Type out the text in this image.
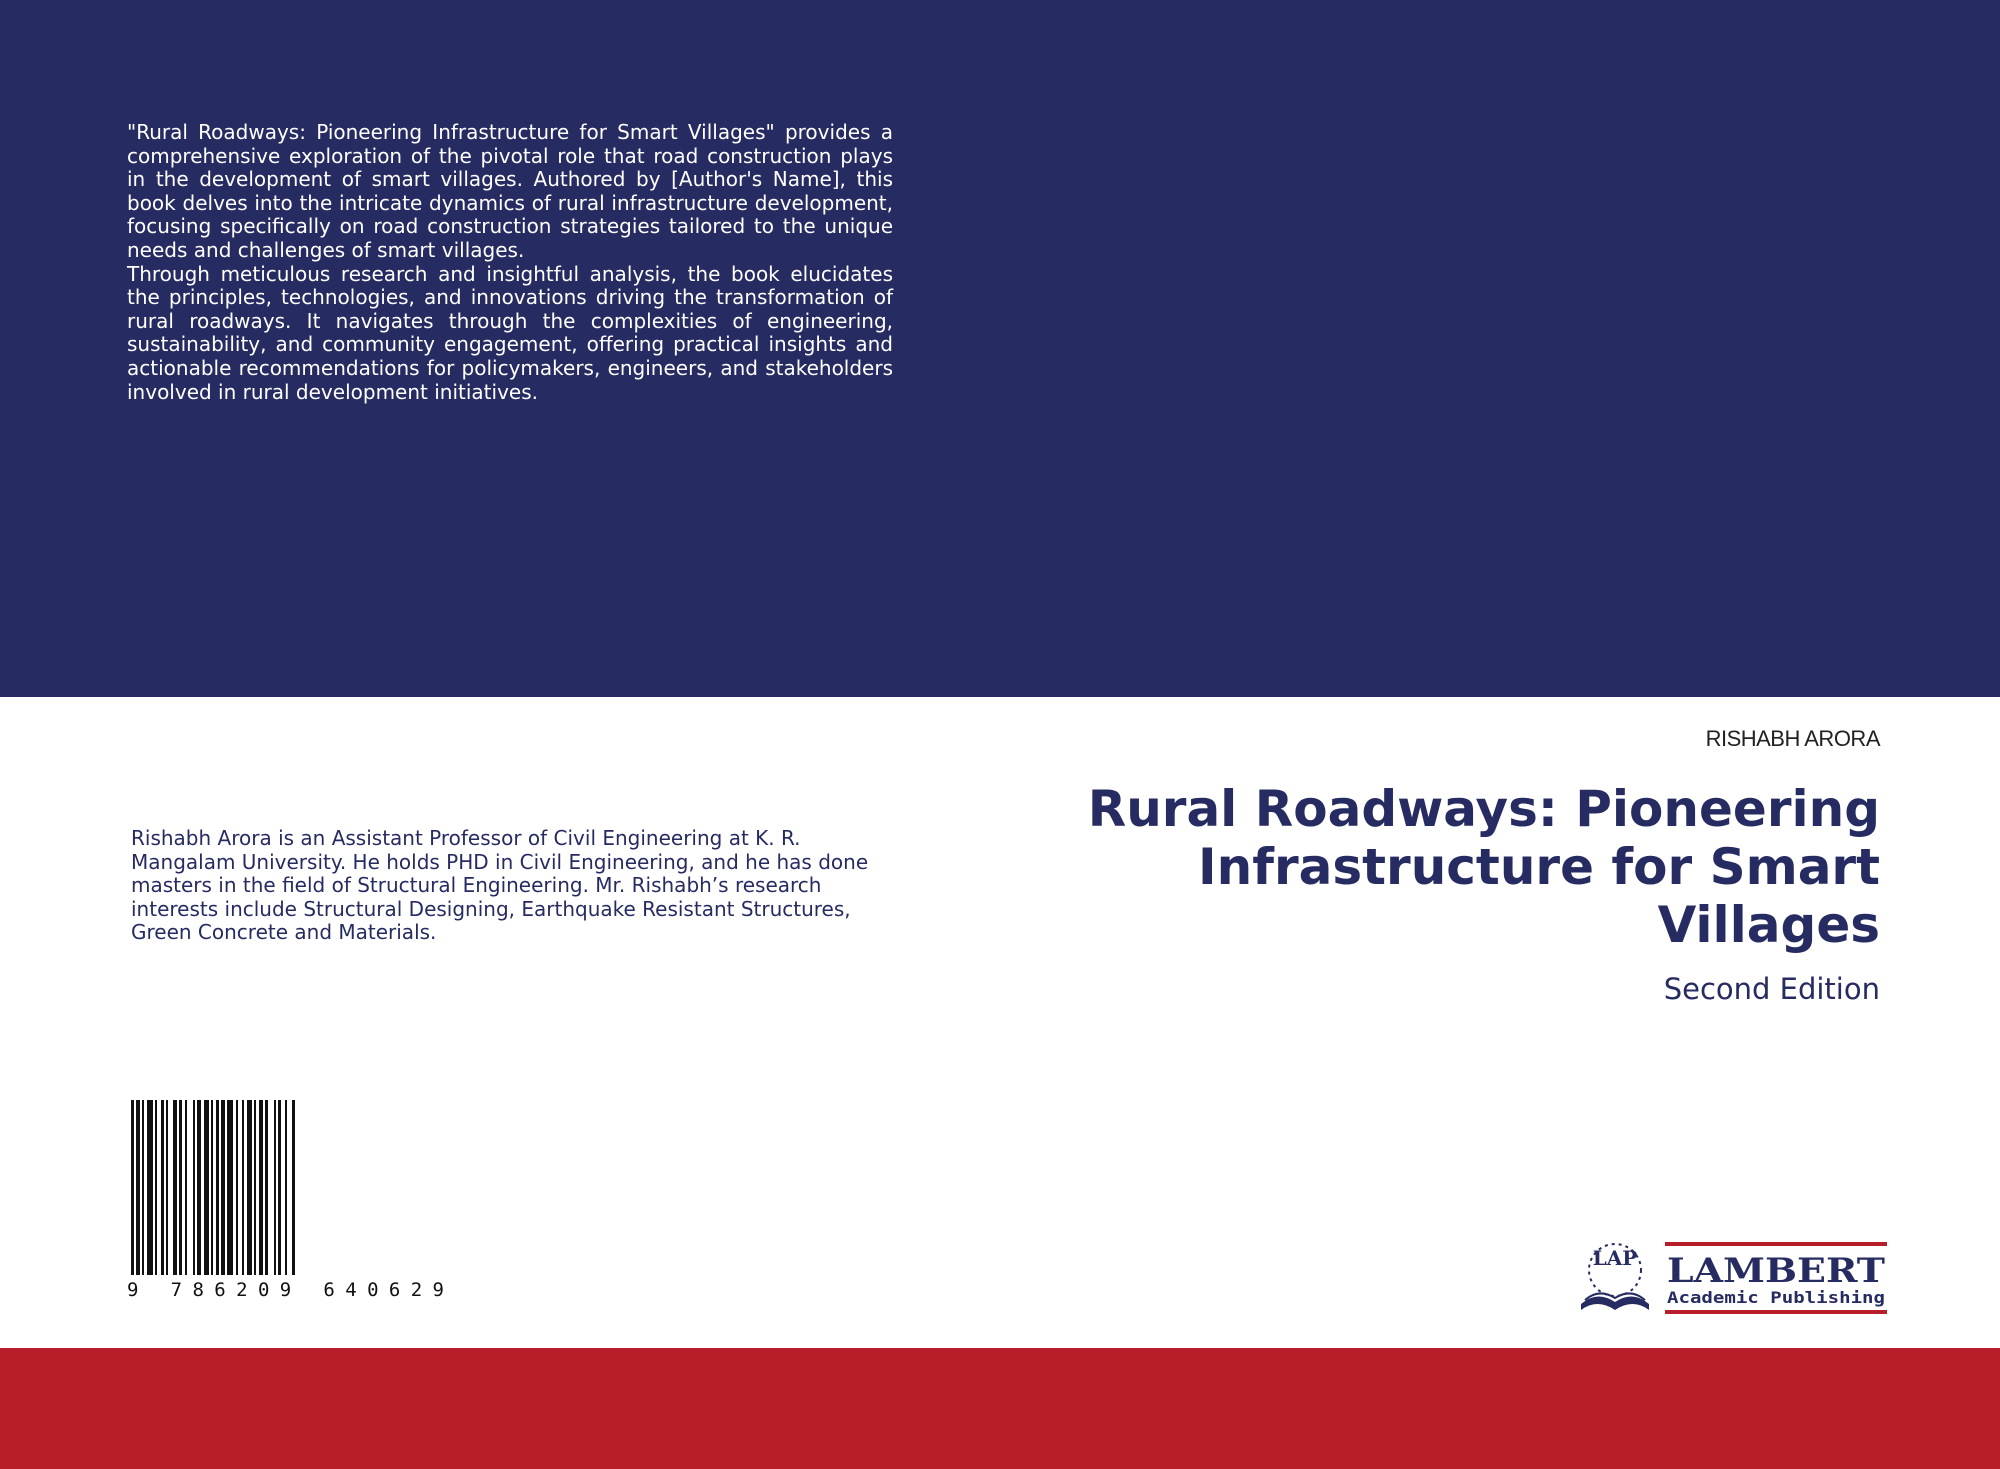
"Rural Roadways: Pioneering Infrastructure for Smart Villages" provides a comprehensive exploration of the pivotal role that road construction plays in the development of smart villages. Authored by [Author's Name], this book delves into the intricate dynamics of rural infrastructure development, focusing specifically on road construction strategies tailored to the unique needs and challenges of smart villages.

Through meticulous research and insightful analysis, the book elucidates the principles, technologies, and innovations driving the transformation of rural roadways. It navigates through the complexities of engineering, sustainability, and community engagement, offering practical insights and actionable recommendations for policymakers, engineers, and stakeholders involved in rural development initiatives.

RISHABH ARORA
Rural Roadways: Pioneering Infrastructure for Smart Villages
Second Edition
Rishabh Arora is an Assistant Professor of Civil Engineering at K. R. Mangalam University. He holds PHD in Civil Engineering, and he has done masters in the field of Structural Engineering. Mr. Rishabh’s research interests include Structural Designing, Earthquake Resistant Structures, Green Concrete and Materials.
9 786209 640629
LAP LAMBERT
Academic Publishing
